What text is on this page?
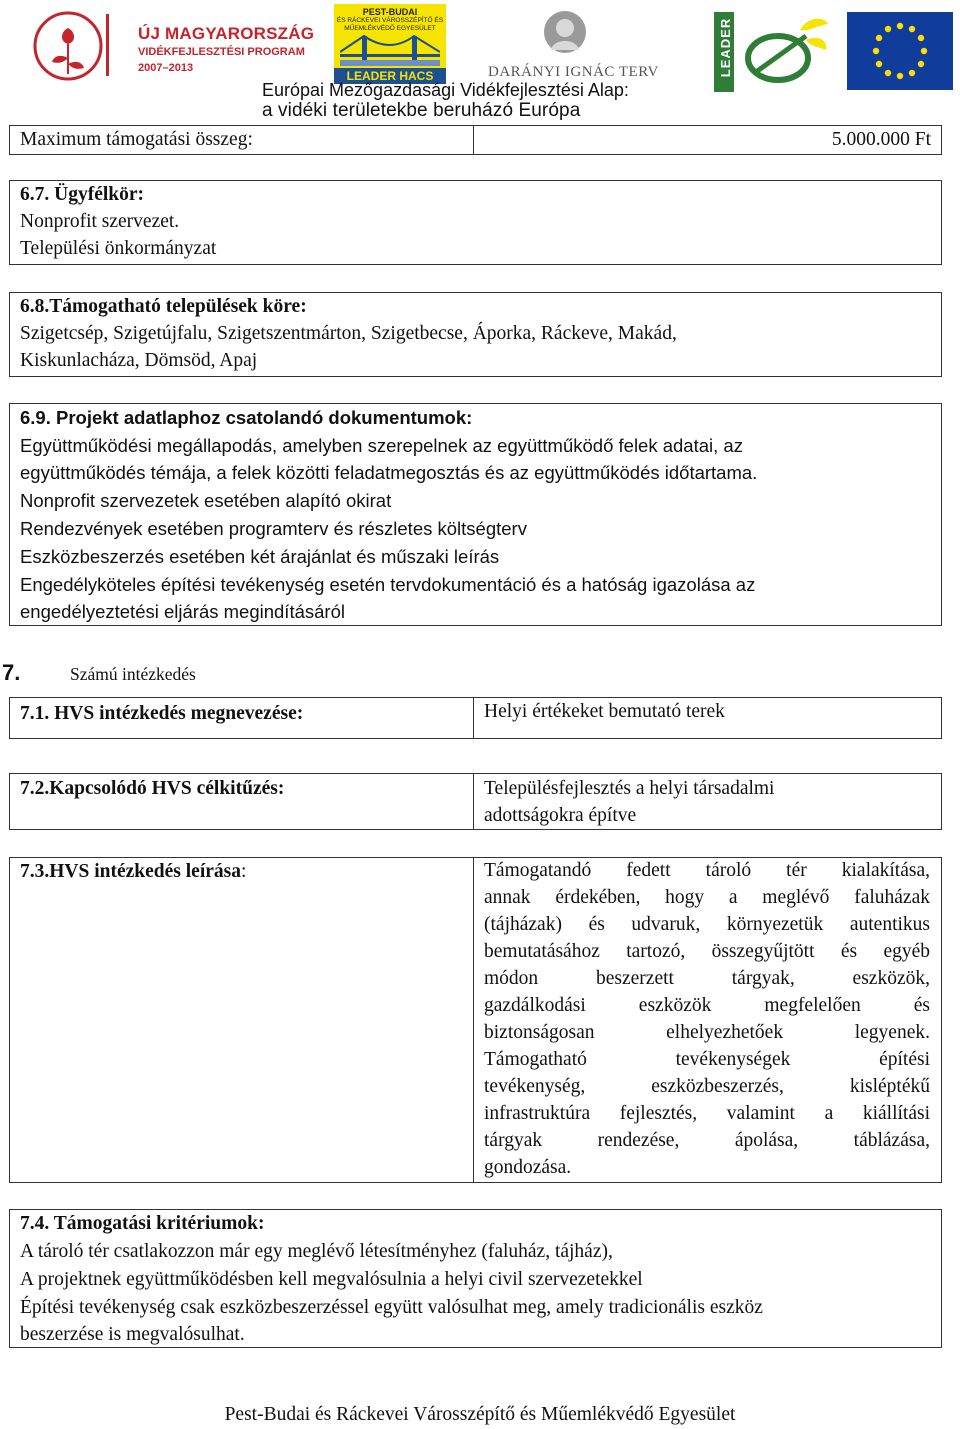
ÚJ MAGYARORSZÁG
VIDÉKFEJLESZTÉSI PROGRAM
2007–2013
PEST-BUDAI
ÉS RÁCKEVEI VÁROSSZÉPÍTŐ ÉS MŰEMLÉKVÉDŐ EGYESÜLET
LEADER HACS	DARÁNYI IGNÁC TERV
Európai Mezőgazdasági Vidékfejlesztési Alap:
a vidéki területekbe beruházó Európa
LEADER
Maximum támogatási összeg:	5.000.000 Ft
6.7. Ügyfélkör:
Nonprofit szervezet.
Települési önkormányzat
6.8.Támogatható települések köre:
Szigetcsép, Szigetújfalu, Szigetszentmárton, Szigetbecse, Áporka, Ráckeve, Makád,
Kiskunlacháza, Dömsöd, Apaj
6.9. Projekt adatlaphoz csatolandó dokumentumok:
Együttműködési megállapodás, amelyben szerepelnek az együttműködő felek adatai, az
együttműködés témája, a felek közötti feladatmegosztás és az együttműködés időtartama.
Nonprofit szervezetek esetében alapító okirat
Rendezvények esetében programterv és részletes költségterv
Eszközbeszerzés esetében két árajánlat és műszaki leírás
Engedélyköteles építési tevékenység esetén tervdokumentáció és a hatóság igazolása az
engedélyeztetési eljárás megindításáról
7.	Számú intézkedés
7.1. HVS intézkedés megnevezése:	Helyi értékeket bemutató terek
7.2.Kapcsolódó HVS célkitűzés:	Településfejlesztés a helyi társadalmi
adottságokra építve
7.3.HVS intézkedés leírása:	Támogatandó fedett tároló tér kialakítása,
annak érdekében, hogy a meglévő faluházak
(tájházak) és udvaruk, környezetük autentikus
bemutatásához tartozó, összegyűjtött és egyéb
módon beszerzett tárgyak, eszközök,
gazdálkodási eszközök megfelelően és
biztonságosan elhelyezhetőek legyenek.
Támogatható tevékenységek építési
tevékenység, eszközbeszerzés, kisléptékű
infrastruktúra fejlesztés, valamint a kiállítási
tárgyak rendezése, ápolása, táblázása,
gondozása.
7.4. Támogatási kritériumok:
A tároló tér csatlakozzon már egy meglévő létesítményhez (faluház, tájház),
A projektnek együttműködésben kell megvalósulnia a helyi civil szervezetekkel
Építési tevékenység csak eszközbeszerzéssel együtt valósulhat meg, amely tradicionális eszköz
beszerzése is megvalósulhat.
Pest-Budai és Ráckevei Városszépítő és Műemlékvédő Egyesület
